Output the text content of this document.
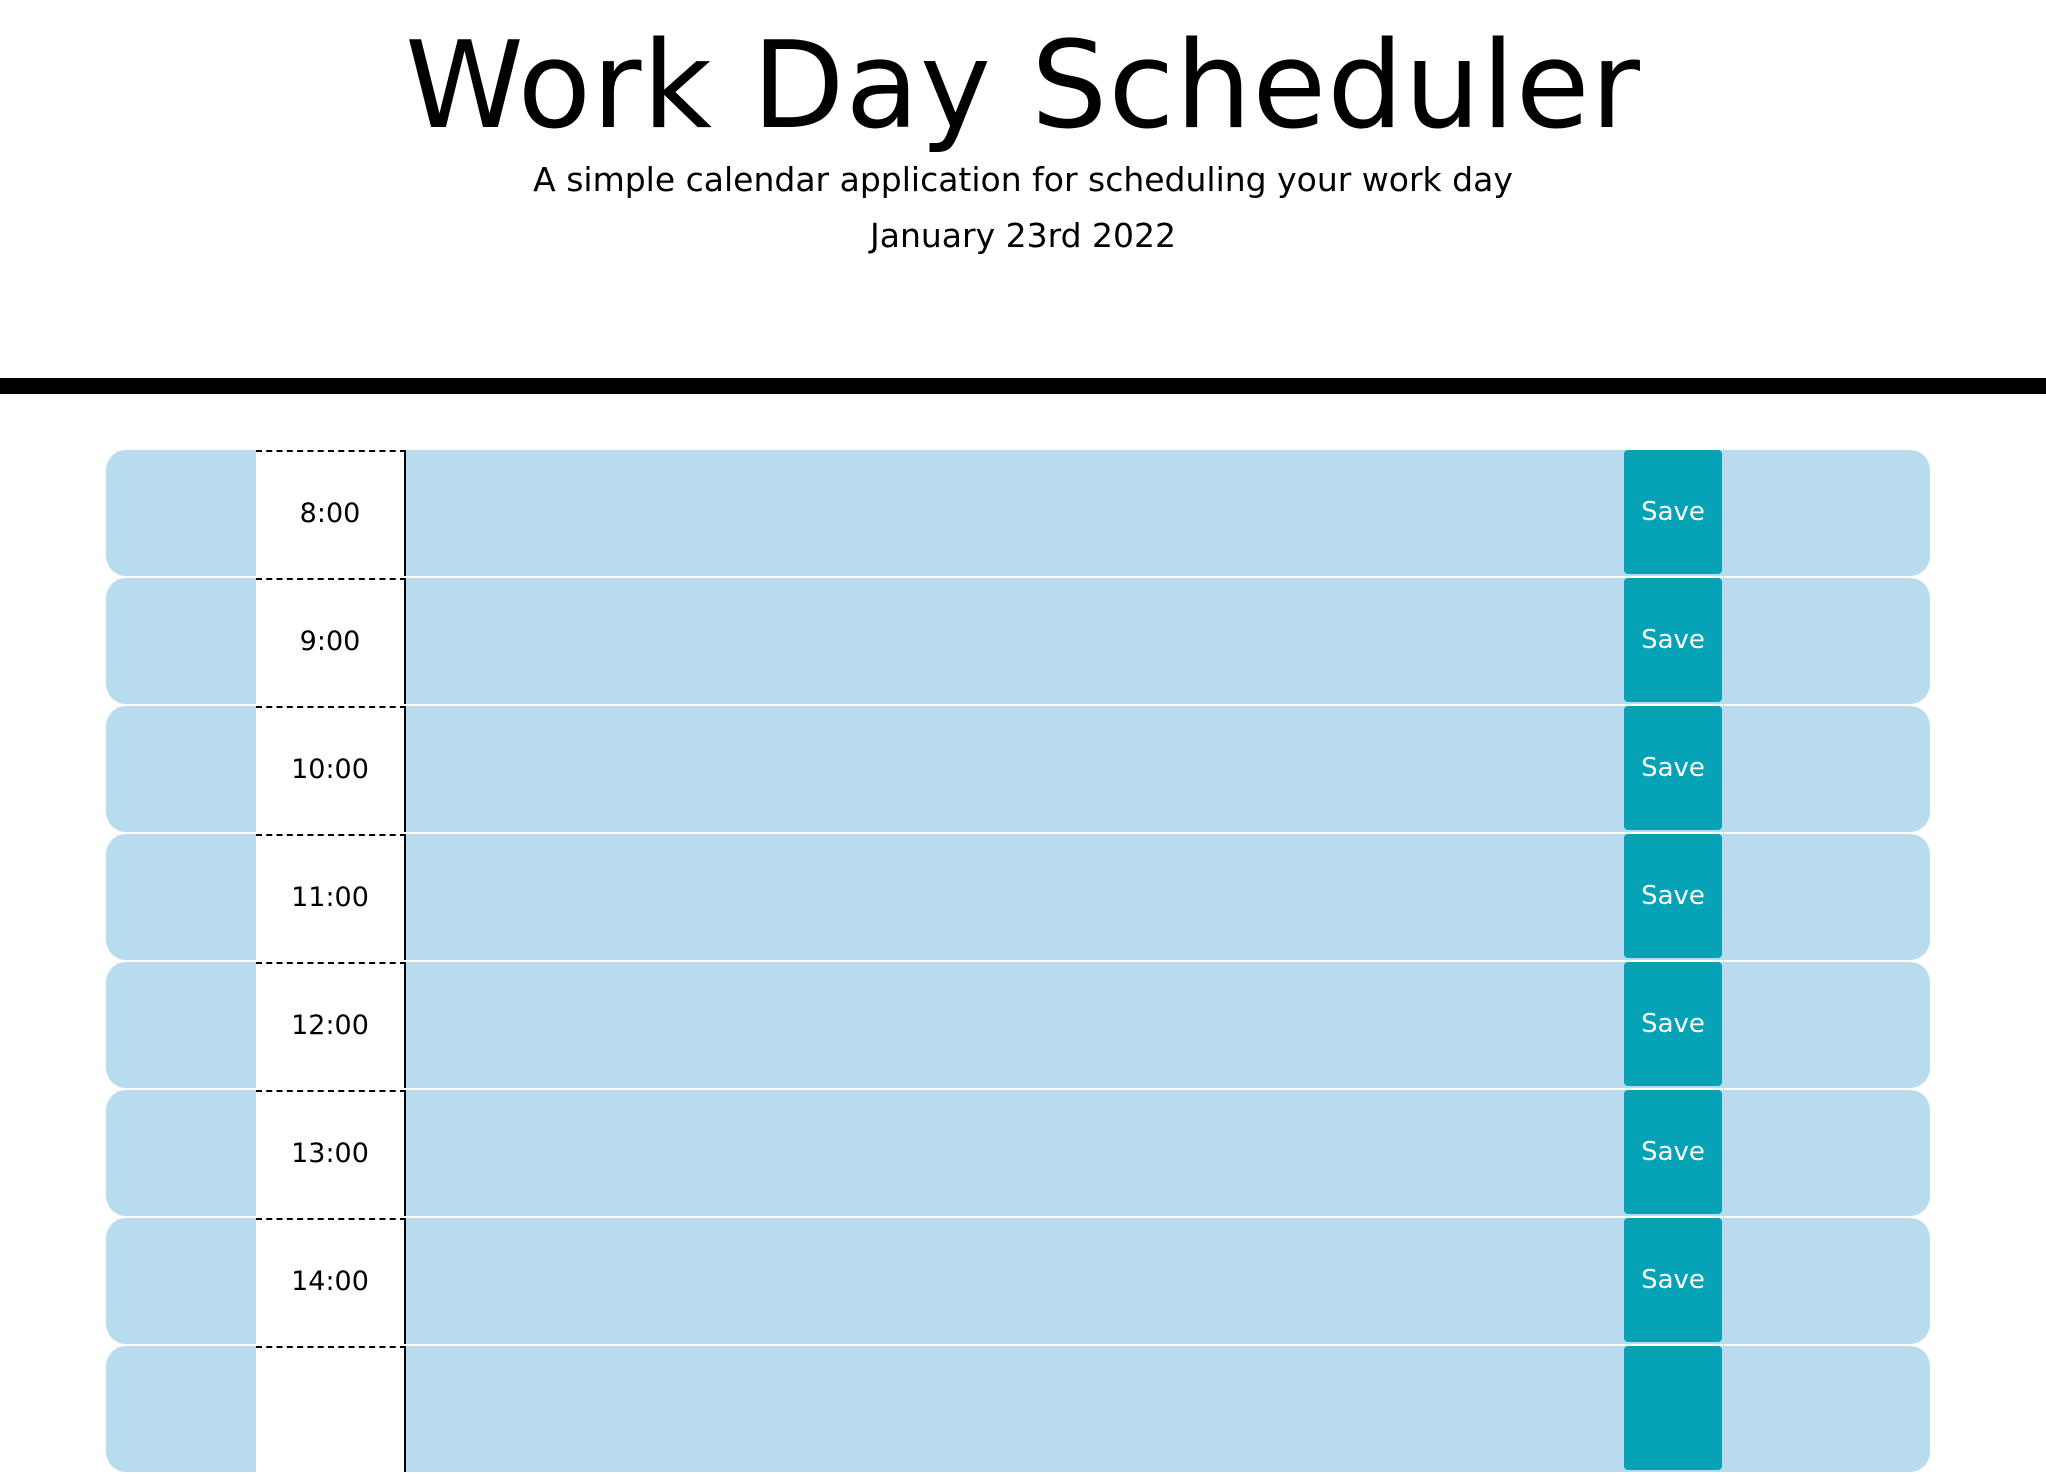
Work Day Scheduler

A simple calendar application for scheduling your work day

January 23rd 2022

8:00	Save
9:00	Save
10:00	Save
11:00	Save
12:00	Save
13:00	Save
14:00	Save
